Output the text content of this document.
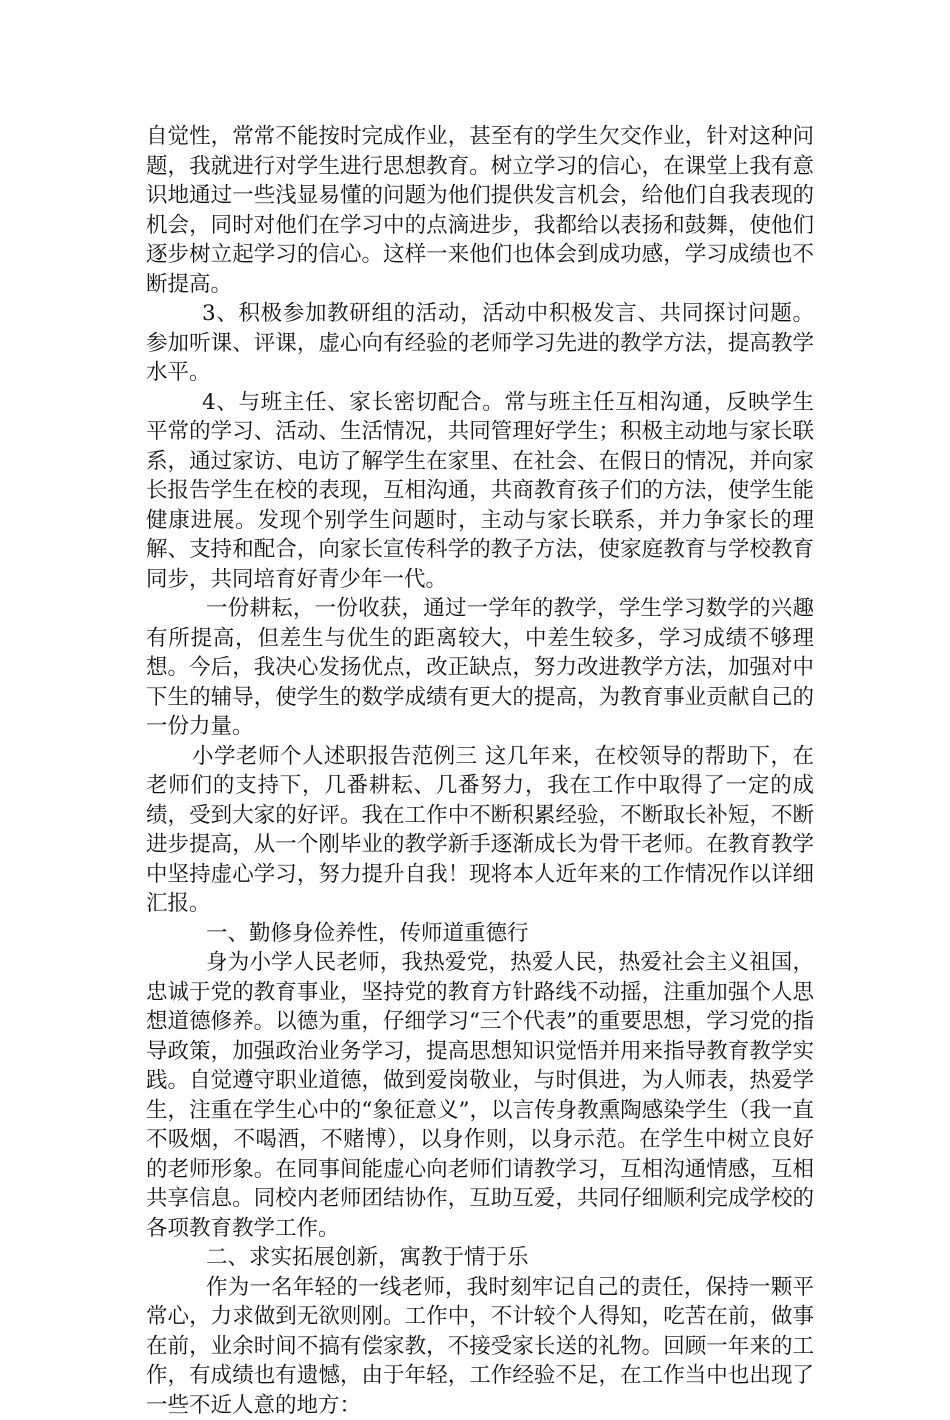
自觉性，常常不能按时完成作业，甚至有的学生欠交作业，针对这种问题，我就进行对学生进行思想教育。树立学习的信心，在课堂上我有意识地通过一些浅显易懂的问题为他们提供发言机会，给他们自我表现的机会，同时对他们在学习中的点滴进步，我都给以表扬和鼓舞，使他们逐步树立起学习的信心。这样一来他们也体会到成功感，学习成绩也不断提高。

3、积极参加教研组的活动，活动中积极发言、共同探讨问题。参加听课、评课，虚心向有经验的老师学习先进的教学方法，提高教学水平。

4、与班主任、家长密切配合。常与班主任互相沟通，反映学生平常的学习、活动、生活情况，共同管理好学生；积极主动地与家长联系，通过家访、电访了解学生在家里、在社会、在假日的情况，并向家长报告学生在校的表现，互相沟通，共商教育孩子们的方法，使学生能健康进展。发现个别学生问题时，主动与家长联系，并力争家长的理解、支持和配合，向家长宣传科学的教子方法，使家庭教育与学校教育同步，共同培育好青少年一代。

一份耕耘，一份收获，通过一学年的教学，学生学习数学的兴趣有所提高，但差生与优生的距离较大，中差生较多，学习成绩不够理想。今后，我决心发扬优点，改正缺点，努力改进教学方法，加强对中下生的辅导，使学生的数学成绩有更大的提高，为教育事业贡献自己的一份力量。

小学老师个人述职报告范例三 这几年来，在校领导的帮助下，在老师们的支持下，几番耕耘、几番努力，我在工作中取得了一定的成绩，受到大家的好评。我在工作中不断积累经验，不断取长补短，不断进步提高，从一个刚毕业的教学新手逐渐成长为骨干老师。在教育教学中坚持虚心学习，努力提升自我！现将本人近年来的工作情况作以详细汇报。

一、勤修身俭养性，传师道重德行

身为小学人民老师，我热爱党，热爱人民，热爱社会主义祖国，忠诚于党的教育事业，坚持党的教育方针路线不动摇，注重加强个人思想道德修养。以德为重，仔细学习“三个代表”的重要思想，学习党的指导政策，加强政治业务学习，提高思想知识觉悟并用来指导教育教学实践。自觉遵守职业道德，做到爱岗敬业，与时俱进，为人师表，热爱学生，注重在学生心中的“象征意义”，以言传身教熏陶感染学生（我一直不吸烟，不喝酒，不赌博），以身作则，以身示范。在学生中树立良好的老师形象。在同事间能虚心向老师们请教学习，互相沟通情感，互相共享信息。同校内老师团结协作，互助互爱，共同仔细顺利完成学校的各项教育教学工作。

二、求实拓展创新，寓教于情于乐

作为一名年轻的一线老师，我时刻牢记自己的责任，保持一颗平常心，力求做到无欲则刚。工作中，不计较个人得知，吃苦在前，做事在前，业余时间不搞有偿家教，不接受家长送的礼物。回顾一年来的工作，有成绩也有遗憾，由于年轻，工作经验不足，在工作当中也出现了一些不近人意的地方：
